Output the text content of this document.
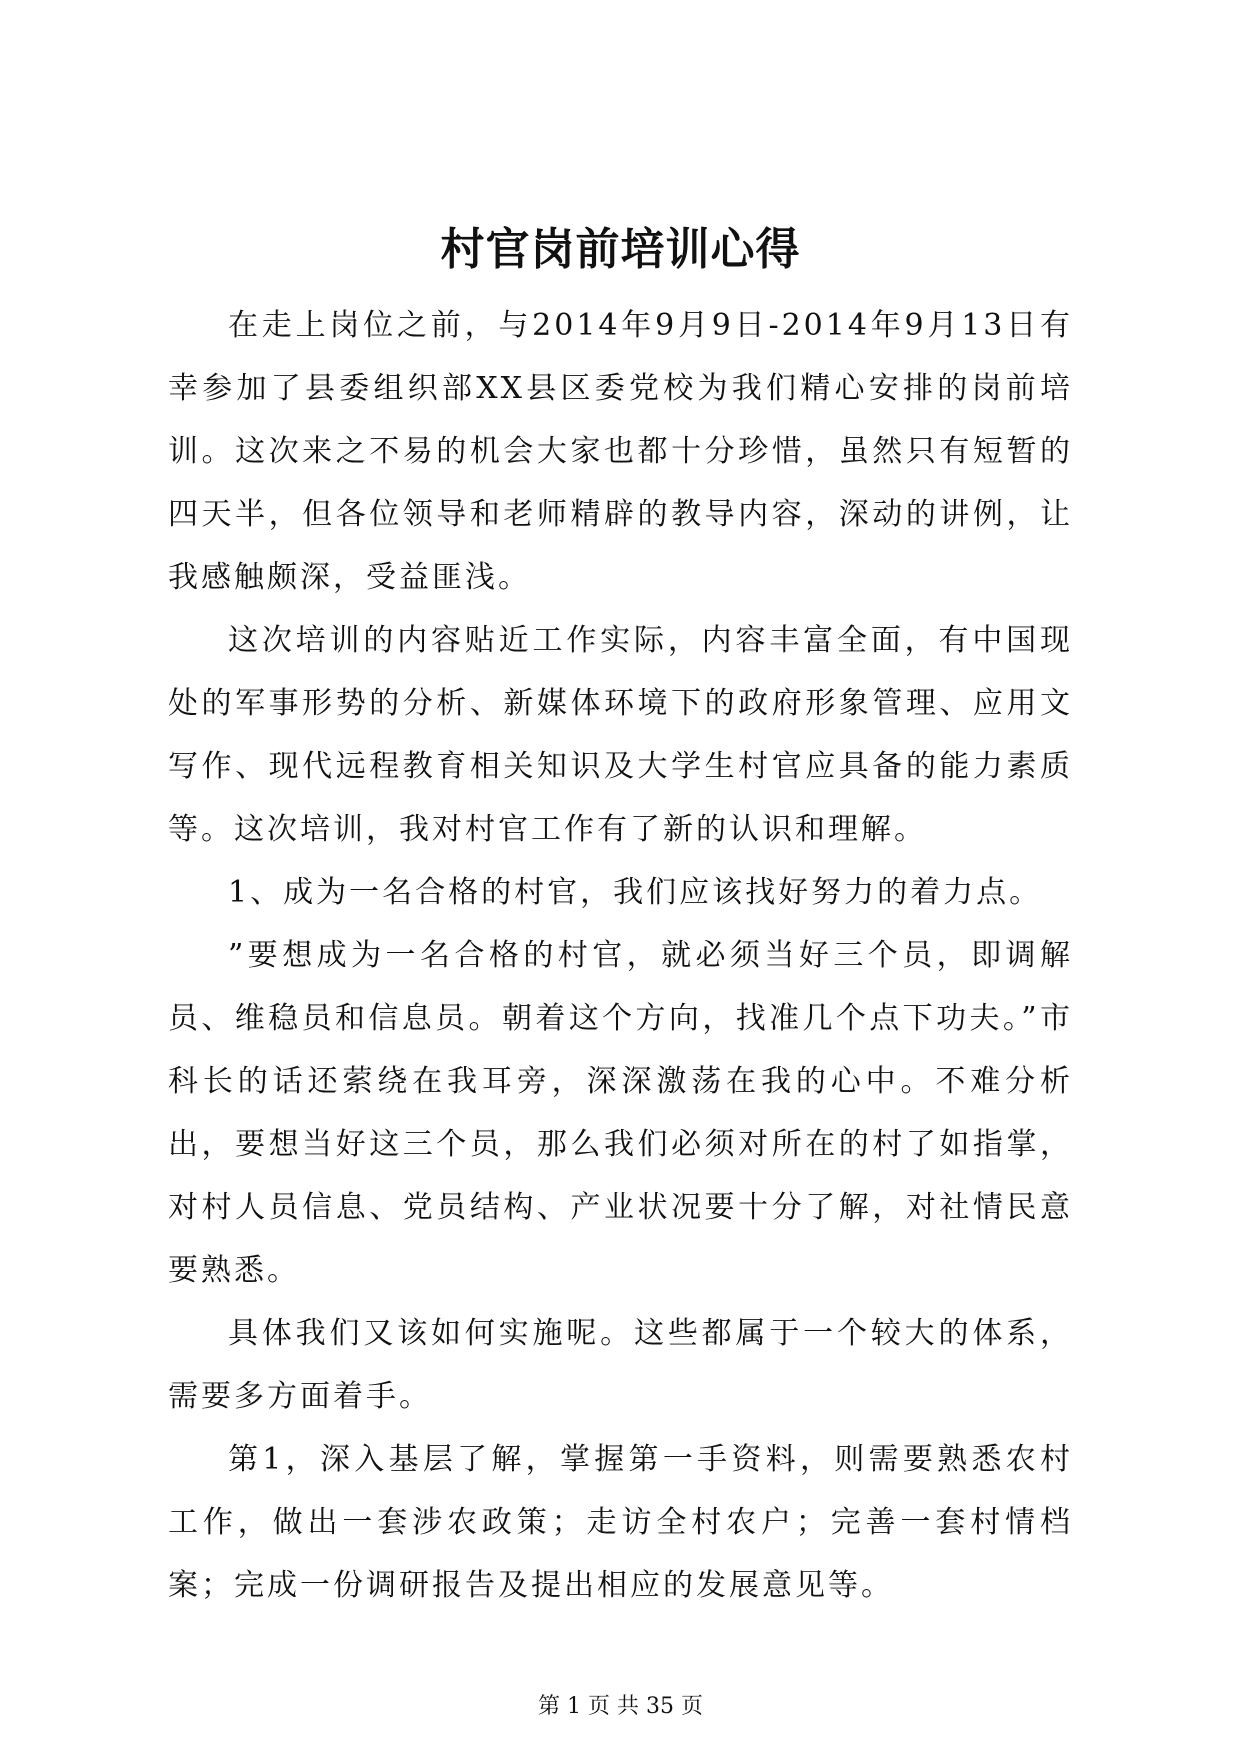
村官岗前培训心得

在走上岗位之前，与2014年9月9日-2014年9月13日有幸参加了县委组织部XX县区委党校为我们精心安排的岗前培训。这次来之不易的机会大家也都十分珍惜，虽然只有短暂的四天半，但各位领导和老师精辟的教导内容，深动的讲例，让我感触颇深，受益匪浅。

这次培训的内容贴近工作实际，内容丰富全面，有中国现处的军事形势的分析、新媒体环境下的政府形象管理、应用文写作、现代远程教育相关知识及大学生村官应具备的能力素质等。这次培训，我对村官工作有了新的认识和理解。

1、成为一名合格的村官，我们应该找好努力的着力点。

”要想成为一名合格的村官，就必须当好三个员，即调解员、维稳员和信息员。朝着这个方向，找准几个点下功夫。”市科长的话还萦绕在我耳旁，深深激荡在我的心中。不难分析出，要想当好这三个员，那么我们必须对所在的村了如指掌，对村人员信息、党员结构、产业状况要十分了解，对社情民意要熟悉。

具体我们又该如何实施呢。这些都属于一个较大的体系，需要多方面着手。

第1，深入基层了解，掌握第一手资料，则需要熟悉农村工作，做出一套涉农政策；走访全村农户；完善一套村情档案；完成一份调研报告及提出相应的发展意见等。

第 1 页 共 35 页
